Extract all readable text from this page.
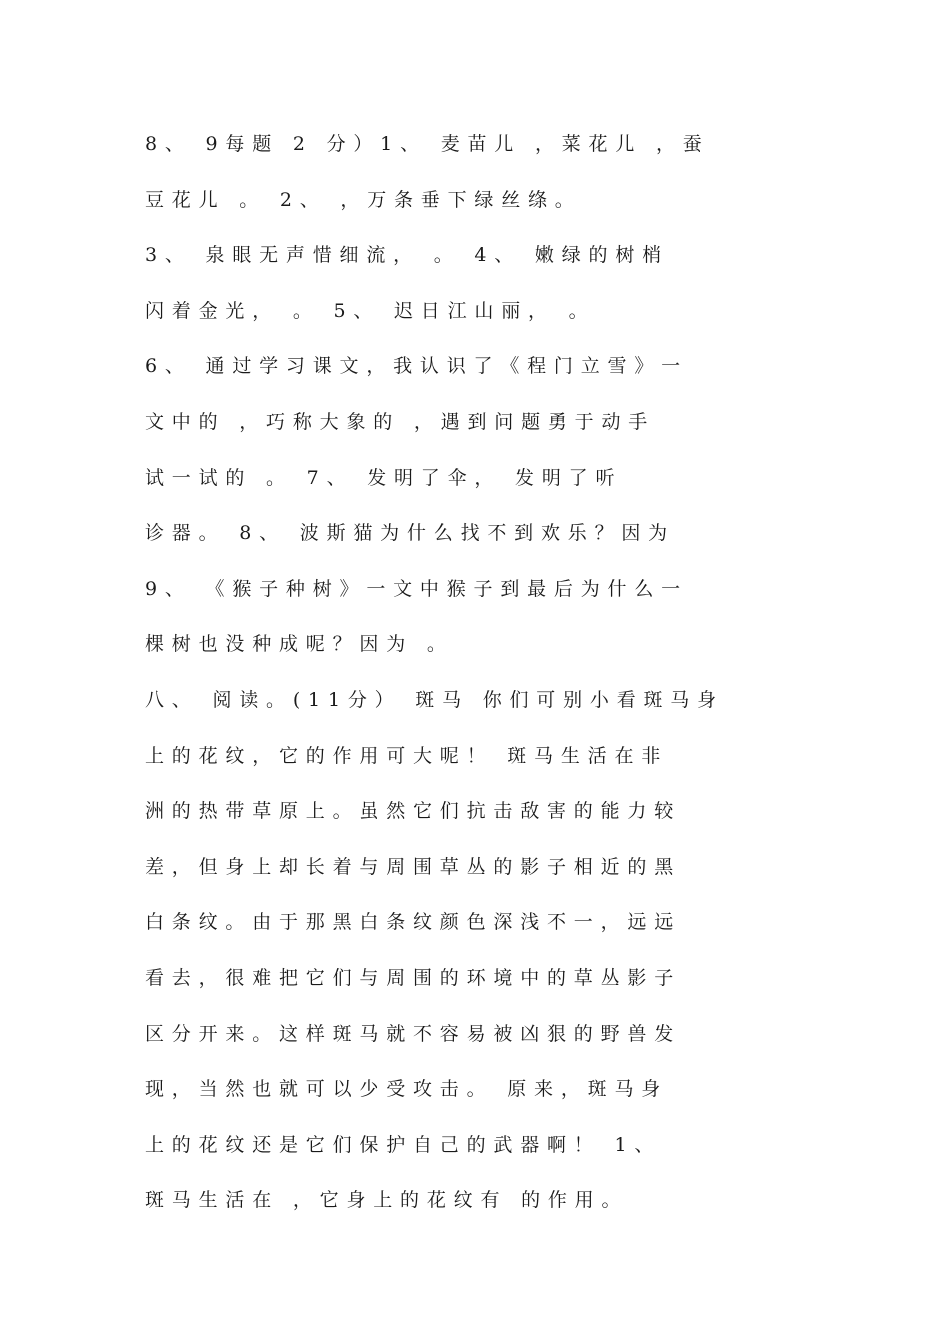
8、 9每题 2 分）1、 麦苗儿 ，菜花儿 ，蚕
豆花儿 。 2、 ，万条垂下绿丝绦。
3、 泉眼无声惜细流， 。 4、 嫩绿的树梢
闪着金光， 。 5、 迟日江山丽， 。
6、 通过学习课文，我认识了《程门立雪》一
文中的 ，巧称大象的 ，遇到问题勇于动手
试一试的 。 7、 发明了伞， 发明了听
诊器。 8、 波斯猫为什么找不到欢乐？因为
9、 《猴子种树》一文中猴子到最后为什么一
棵树也没种成呢？因为 。
八、 阅读。(11分） 斑马 你们可别小看斑马身
上的花纹，它的作用可大呢！ 斑马生活在非
洲的热带草原上。虽然它们抗击敌害的能力较
差，但身上却长着与周围草丛的影子相近的黑
白条纹。由于那黑白条纹颜色深浅不一，远远
看去，很难把它们与周围的环境中的草丛影子
区分开来。这样斑马就不容易被凶狠的野兽发
现，当然也就可以少受攻击。 原来，斑马身
上的花纹还是它们保护自己的武器啊！ 1、
斑马生活在 ，它身上的花纹有 的作用。
